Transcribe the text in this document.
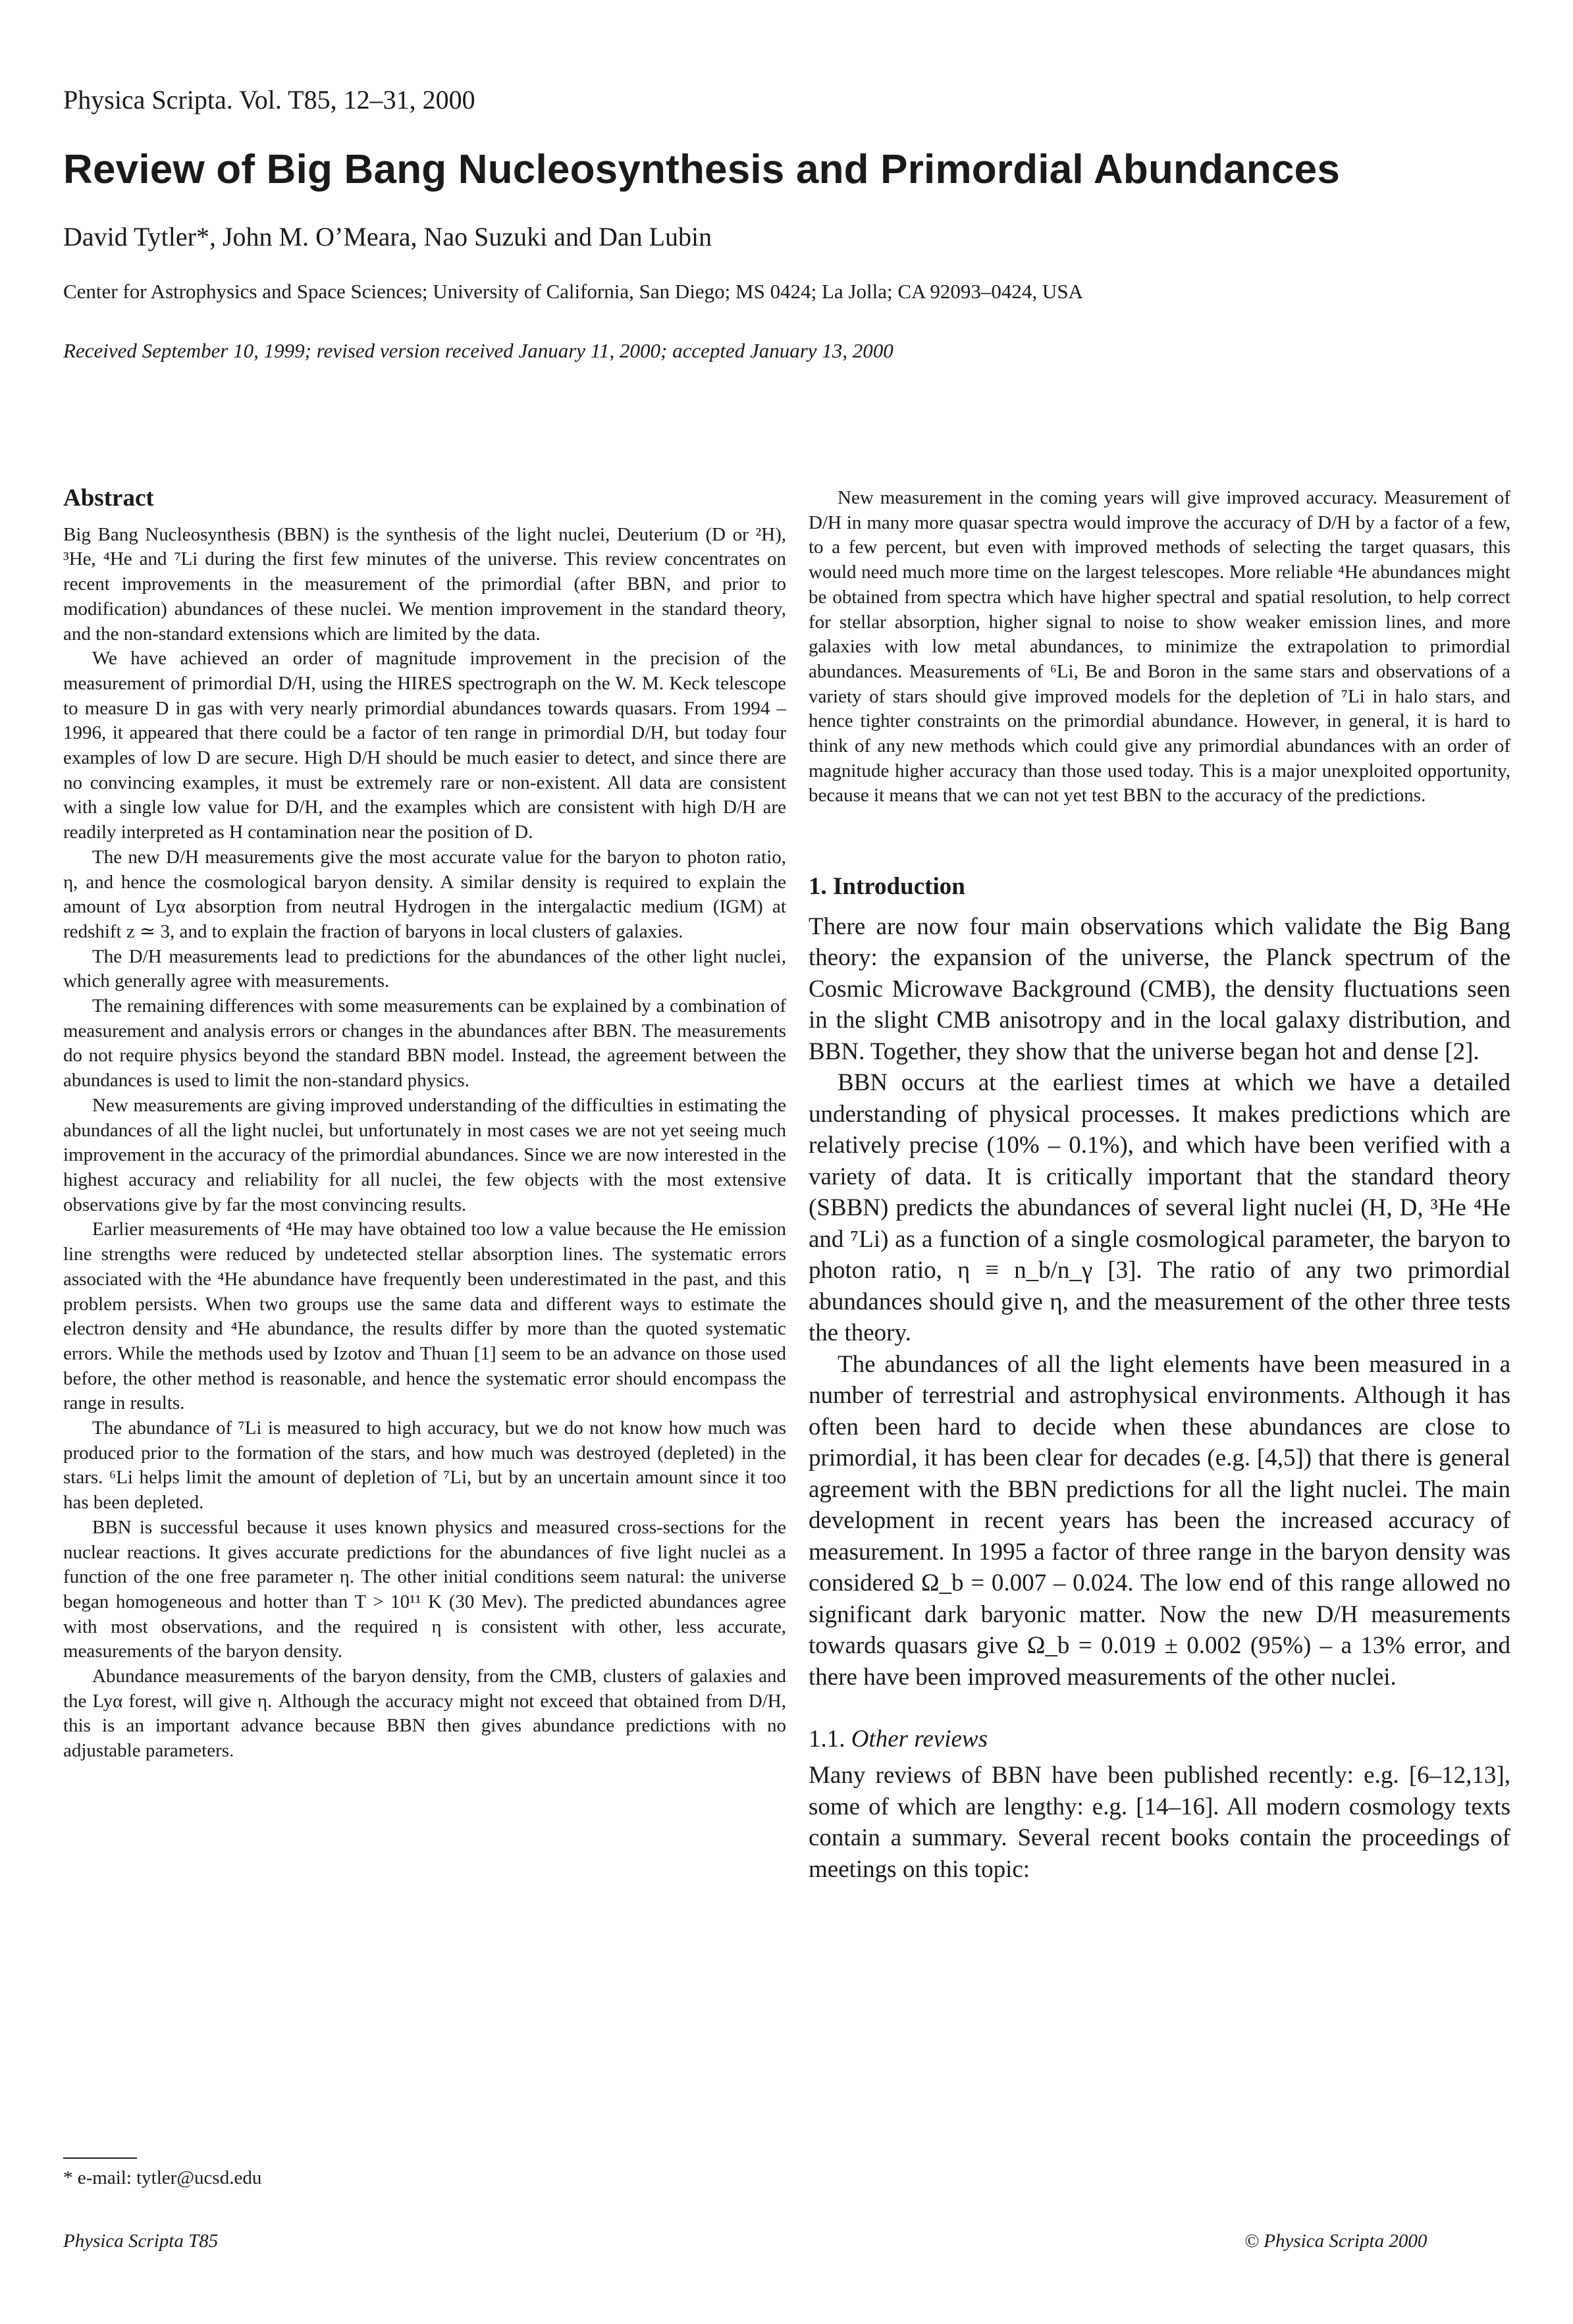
Physica Scripta. Vol. T85, 12–31, 2000
Review of Big Bang Nucleosynthesis and Primordial Abundances
David Tytler*, John M. O’Meara, Nao Suzuki and Dan Lubin
Center for Astrophysics and Space Sciences; University of California, San Diego; MS 0424; La Jolla; CA 92093–0424, USA
Received September 10, 1999; revised version received January 11, 2000; accepted January 13, 2000
Abstract

Big Bang Nucleosynthesis (BBN) is the synthesis of the light nuclei, Deuterium (D or ²H), ³He, ⁴He and ⁷Li during the first few minutes of the universe. This review concentrates on recent improvements in the measurement of the primordial (after BBN, and prior to modification) abundances of these nuclei. We mention improvement in the standard theory, and the non-standard extensions which are limited by the data.

We have achieved an order of magnitude improvement in the precision of the measurement of primordial D/H, using the HIRES spectrograph on the W. M. Keck telescope to measure D in gas with very nearly primordial abundances towards quasars. From 1994 – 1996, it appeared that there could be a factor of ten range in primordial D/H, but today four examples of low D are secure. High D/H should be much easier to detect, and since there are no convincing examples, it must be extremely rare or non-existent. All data are consistent with a single low value for D/H, and the examples which are consistent with high D/H are readily interpreted as H contamination near the position of D.

The new D/H measurements give the most accurate value for the baryon to photon ratio, η, and hence the cosmological baryon density. A similar density is required to explain the amount of Lyα absorption from neutral Hydrogen in the intergalactic medium (IGM) at redshift z ≃ 3, and to explain the fraction of baryons in local clusters of galaxies.

The D/H measurements lead to predictions for the abundances of the other light nuclei, which generally agree with measurements.

The remaining differences with some measurements can be explained by a combination of measurement and analysis errors or changes in the abundances after BBN. The measurements do not require physics beyond the standard BBN model. Instead, the agreement between the abundances is used to limit the non-standard physics.

New measurements are giving improved understanding of the difficulties in estimating the abundances of all the light nuclei, but unfortunately in most cases we are not yet seeing much improvement in the accuracy of the primordial abundances. Since we are now interested in the highest accuracy and reliability for all nuclei, the few objects with the most extensive observations give by far the most convincing results.

Earlier measurements of ⁴He may have obtained too low a value because the He emission line strengths were reduced by undetected stellar absorption lines. The systematic errors associated with the ⁴He abundance have frequently been underestimated in the past, and this problem persists. When two groups use the same data and different ways to estimate the electron density and ⁴He abundance, the results differ by more than the quoted systematic errors. While the methods used by Izotov and Thuan [1] seem to be an advance on those used before, the other method is reasonable, and hence the systematic error should encompass the range in results.

The abundance of ⁷Li is measured to high accuracy, but we do not know how much was produced prior to the formation of the stars, and how much was destroyed (depleted) in the stars. ⁶Li helps limit the amount of depletion of ⁷Li, but by an uncertain amount since it too has been depleted.

BBN is successful because it uses known physics and measured cross-sections for the nuclear reactions. It gives accurate predictions for the abundances of five light nuclei as a function of the one free parameter η. The other initial conditions seem natural: the universe began homogeneous and hotter than T > 10¹¹ K (30 Mev). The predicted abundances agree with most observations, and the required η is consistent with other, less accurate, measurements of the baryon density.

Abundance measurements of the baryon density, from the CMB, clusters of galaxies and the Lyα forest, will give η. Although the accuracy might not exceed that obtained from D/H, this is an important advance because BBN then gives abundance predictions with no adjustable parameters.

New measurement in the coming years will give improved accuracy. Measurement of D/H in many more quasar spectra would improve the accuracy of D/H by a factor of a few, to a few percent, but even with improved methods of selecting the target quasars, this would need much more time on the largest telescopes. More reliable ⁴He abundances might be obtained from spectra which have higher spectral and spatial resolution, to help correct for stellar absorption, higher signal to noise to show weaker emission lines, and more galaxies with low metal abundances, to minimize the extrapolation to primordial abundances. Measurements of ⁶Li, Be and Boron in the same stars and observations of a variety of stars should give improved models for the depletion of ⁷Li in halo stars, and hence tighter constraints on the primordial abundance. However, in general, it is hard to think of any new methods which could give any primordial abundances with an order of magnitude higher accuracy than those used today. This is a major unexploited opportunity, because it means that we can not yet test BBN to the accuracy of the predictions.

1. Introduction

There are now four main observations which validate the Big Bang theory: the expansion of the universe, the Planck spectrum of the Cosmic Microwave Background (CMB), the density fluctuations seen in the slight CMB anisotropy and in the local galaxy distribution, and BBN. Together, they show that the universe began hot and dense [2].

BBN occurs at the earliest times at which we have a detailed understanding of physical processes. It makes predictions which are relatively precise (10% – 0.1%), and which have been verified with a variety of data. It is critically important that the standard theory (SBBN) predicts the abundances of several light nuclei (H, D, ³He ⁴He and ⁷Li) as a function of a single cosmological parameter, the baryon to photon ratio, η ≡ n_b/n_γ [3]. The ratio of any two primordial abundances should give η, and the measurement of the other three tests the theory.

The abundances of all the light elements have been measured in a number of terrestrial and astrophysical environments. Although it has often been hard to decide when these abundances are close to primordial, it has been clear for decades (e.g. [4,5]) that there is general agreement with the BBN predictions for all the light nuclei. The main development in recent years has been the increased accuracy of measurement. In 1995 a factor of three range in the baryon density was considered Ω_b = 0.007 – 0.024. The low end of this range allowed no significant dark baryonic matter. Now the new D/H measurements towards quasars give Ω_b = 0.019 ± 0.002 (95%) – a 13% error, and there have been improved measurements of the other nuclei.

1.1. Other reviews

Many reviews of BBN have been published recently: e.g. [6–12,13], some of which are lengthy: e.g. [14–16]. All modern cosmology texts contain a summary. Several recent books contain the proceedings of meetings on this topic:

* e-mail: tytler@ucsd.edu
Physica Scripta T85	© Physica Scripta 2000
